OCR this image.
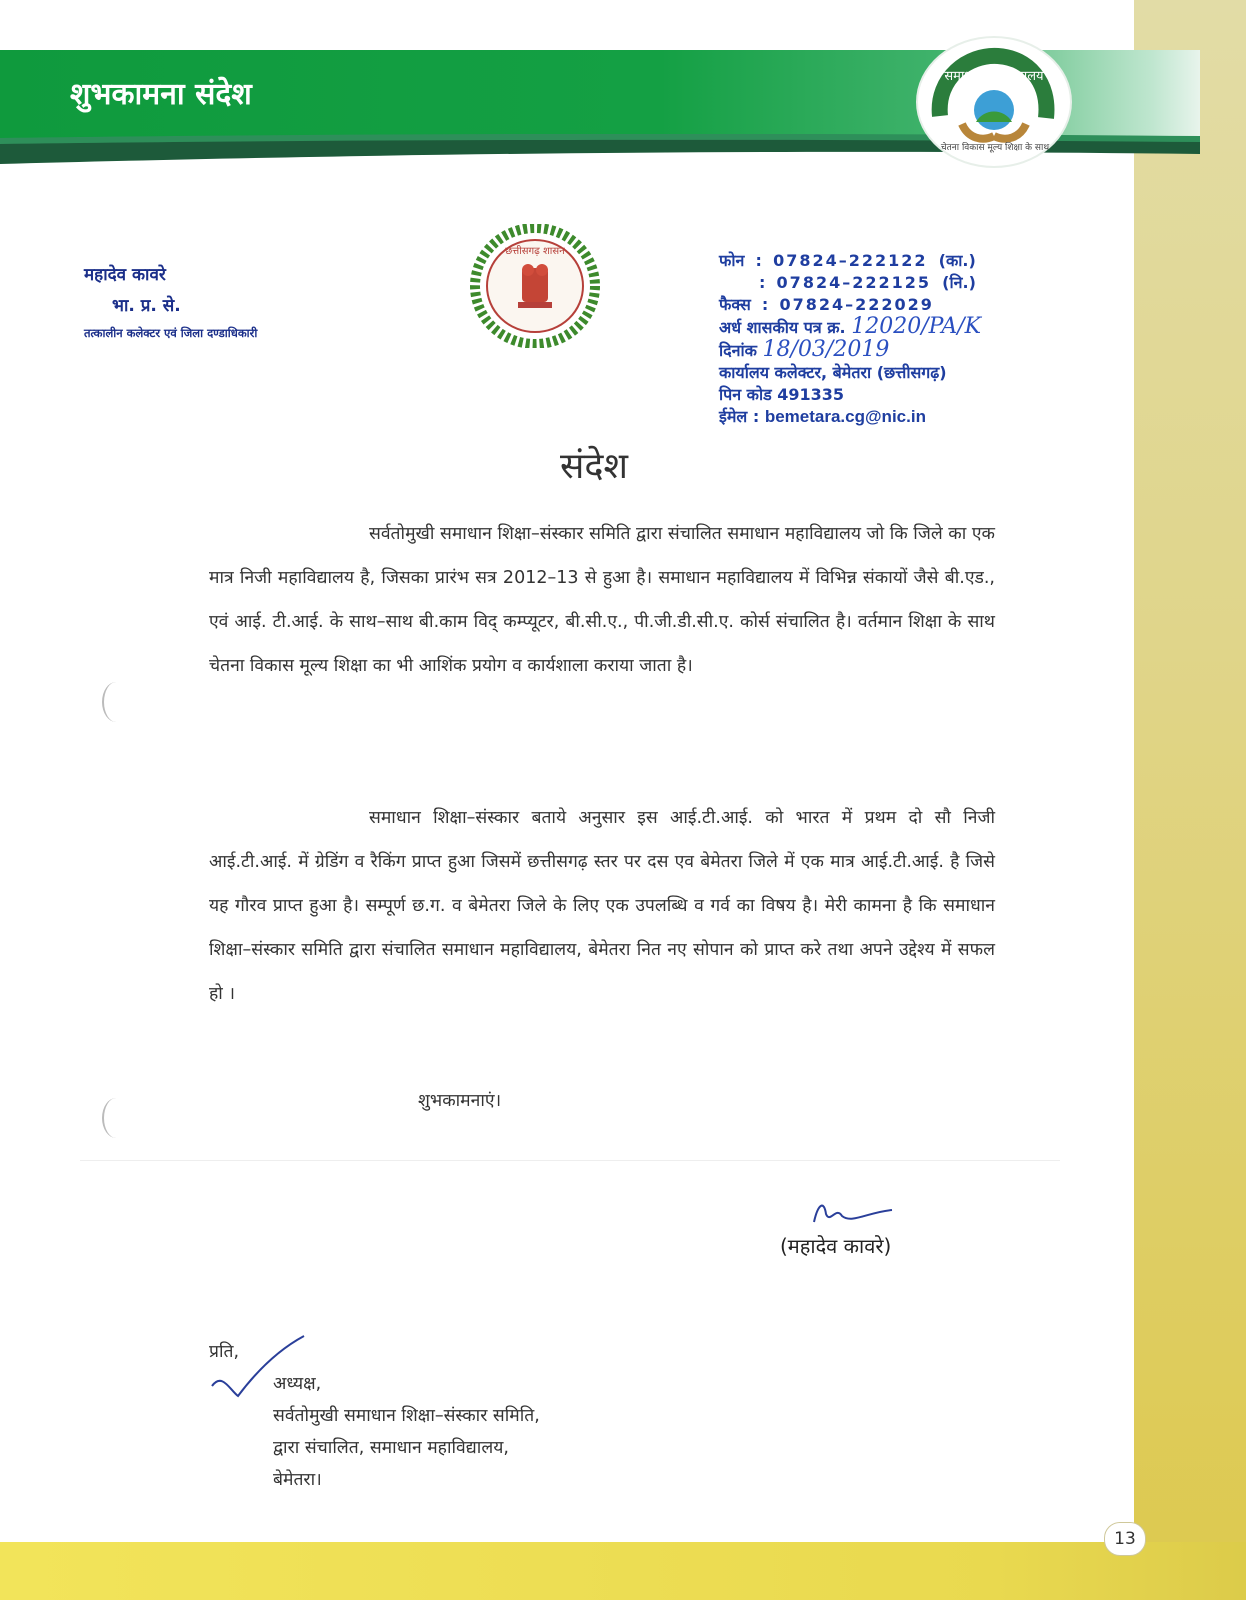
शुभकामना संदेश
समाधान महाविद्यालय
चेतना विकास मूल्य शिक्षा के साथ
महादेव कावरे
भा. प्र. से.
तत्कालीन कलेक्टर एवं जिला दण्डाधिकारी
छत्तीसगढ़ शासन	फोन  :  07824–222122 (का.)
:  07824–222125 (नि.)
फैक्स  :  07824–222029
अर्ध शासकीय पत्र क्र. 12020/PA/K
दिनांक 18/03/2019
कार्यालय कलेक्टर, बेमेतरा (छत्तीसगढ़)
पिन कोड 491335
ईमेल : bemetara.cg@nic.in
संदेश
सर्वतोमुखी समाधान शिक्षा–संस्कार समिति द्वारा संचालित समाधान महाविद्यालय जो कि जिले का एक मात्र निजी महाविद्यालय है, जिसका प्रारंभ सत्र 2012–13 से हुआ है। समाधान महाविद्यालय में विभिन्न संकायों जैसे बी.एड., एवं आई. टी.आई. के साथ–साथ बी.काम विद् कम्प्यूटर, बी.सी.ए., पी.जी.डी.सी.ए. कोर्स संचालित है। वर्तमान शिक्षा के साथ चेतना विकास मूल्य शिक्षा का भी आशिंक प्रयोग व कार्यशाला कराया जाता है।
समाधान शिक्षा–संस्कार बताये अनुसार इस आई.टी.आई. को भारत में प्रथम दो सौ निजी आई.टी.आई. में ग्रेडिंग व रैकिंग प्राप्त हुआ जिसमें छत्तीसगढ़ स्तर पर दस एव बेमेतरा जिले में एक मात्र आई.टी.आई. है जिसे यह गौरव प्राप्त हुआ है। सम्पूर्ण छ.ग. व बेमेतरा जिले के लिए एक उपलब्धि व गर्व का विषय है। मेरी कामना है कि समाधान शिक्षा–संस्कार समिति द्वारा संचालित समाधान महाविद्यालय, बेमेतरा नित नए सोपान को प्राप्त करे तथा अपने उद्देश्य में सफल हो ।
शुभकामनाएं।
(महादेव कावरे)
प्रति,
अध्यक्ष,
सर्वतोमुखी समाधान शिक्षा–संस्कार समिति,
द्वारा संचालित, समाधान महाविद्यालय,
बेमेतरा।
13
